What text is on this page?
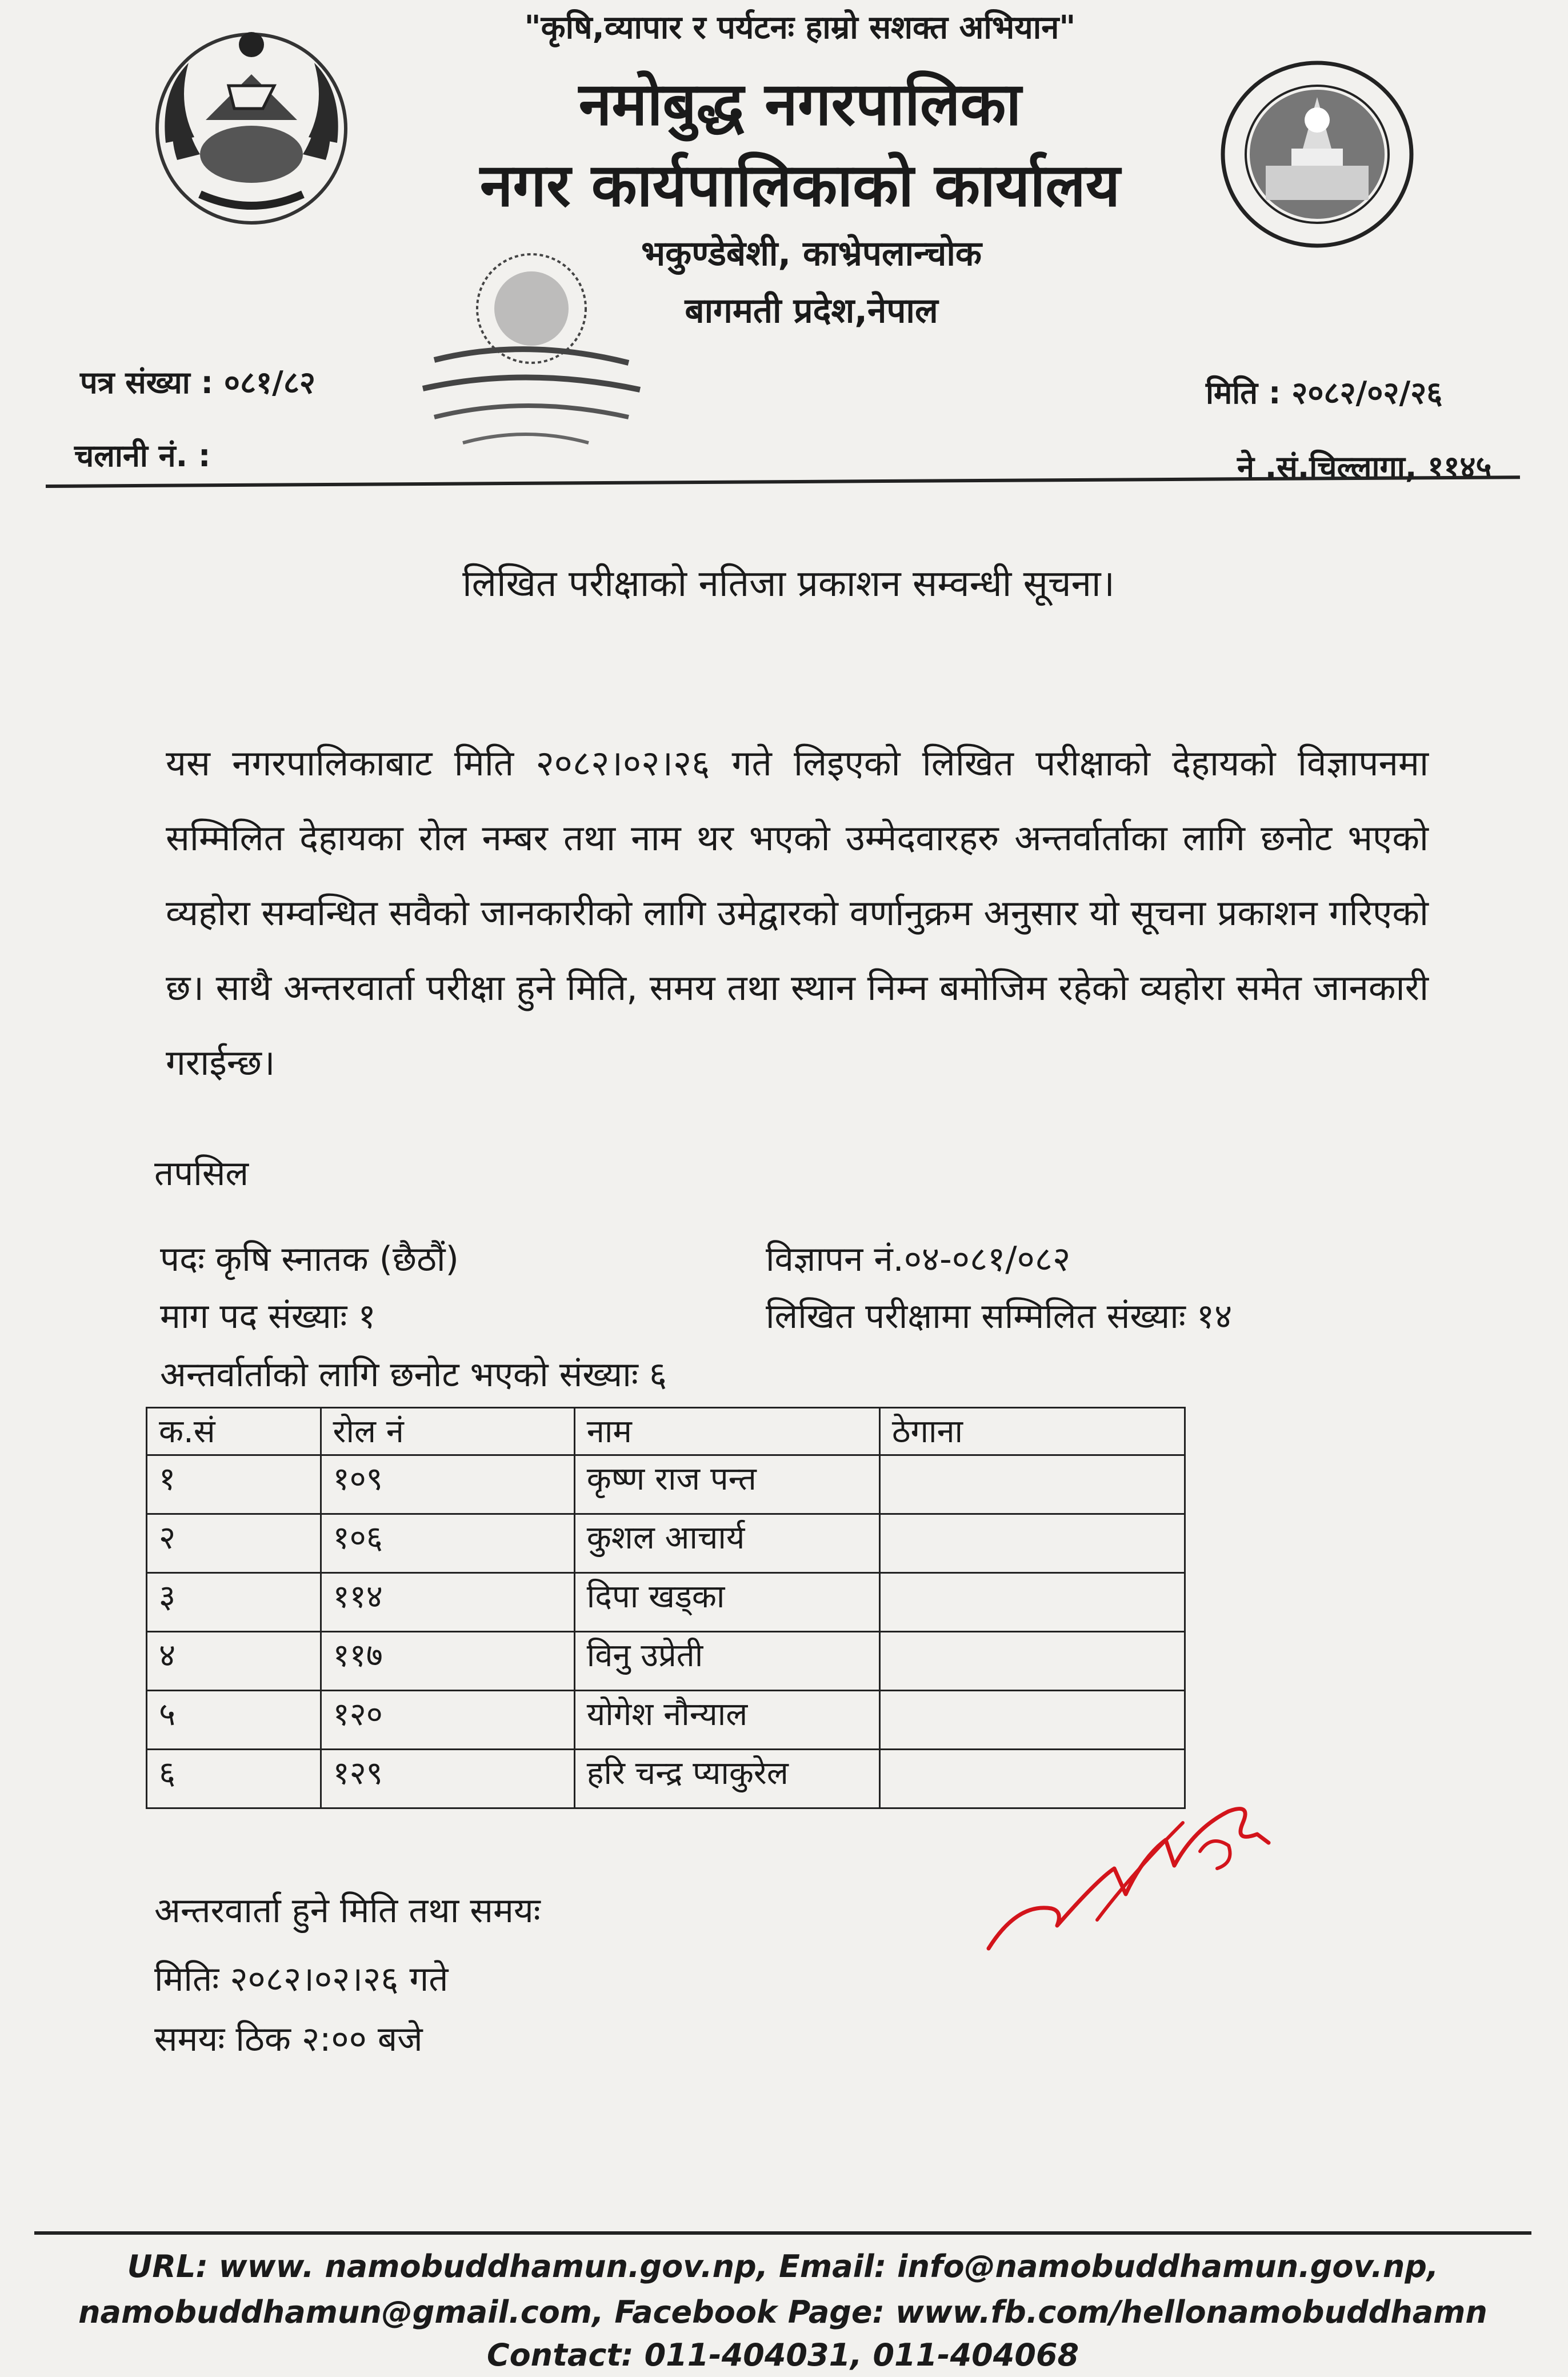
"कृषि,व्यापार र पर्यटनः हाम्रो सशक्त अभियान"
नमोबुद्ध नगरपालिका
नगर कार्यपालिकाको कार्यालय
भकुण्डेबेशी, काभ्रेपलान्चोक
बागमती प्रदेश,नेपाल
पत्र संख्या : ०८१/८२
चलानी नं. :
मिति : २०८२/०२/२६
ने .सं.चिल्लागा, ११४५
लिखित परीक्षाको नतिजा प्रकाशन सम्वन्धी सूचना।
यस नगरपालिकाबाट मिति २०८२।०२।२६ गते लिइएको लिखित परीक्षाको देहायको विज्ञापनमा सम्मिलित देहायका रोल नम्बर तथा नाम थर भएको उम्मेदवारहरु अन्तर्वार्ताका लागि छनोट भएको व्यहोरा सम्वन्धित सवैको जानकारीको लागि उमेद्वारको वर्णानुक्रम अनुसार यो सूचना प्रकाशन गरिएको छ। साथै अन्तरवार्ता परीक्षा हुने मिति, समय तथा स्थान निम्न बमोजिम रहेको व्यहोरा समेत जानकारी गराईन्छ।
तपसिल
पदः कृषि स्नातक (छैठौं)	विज्ञापन नं.०४-०८१/०८२
माग पद संख्याः १	लिखित परीक्षामा सम्मिलित संख्याः १४
अन्तर्वार्ताको लागि छनोट भएको संख्याः ६
क.सं	रोल नं	नाम	ठेगाना
१	१०९	कृष्ण राज पन्त	
२	१०६	कुशल आचार्य	
३	११४	दिपा खड्का	
४	११७	विनु उप्रेती	
५	१२०	योगेश नौन्याल	
६	१२९	हरि चन्द्र प्याकुरेल	
अन्तरवार्ता हुने मिति तथा समयः
मितिः २०८२।०२।२६ गते
समयः ठिक २:०० बजे
URL: www. namobuddhamun.gov.np, Email: info@namobuddhamun.gov.np,
namobuddhamun@gmail.com, Facebook Page: www.fb.com/hellonamobuddhamn
Contact: 011-404031, 011-404068
